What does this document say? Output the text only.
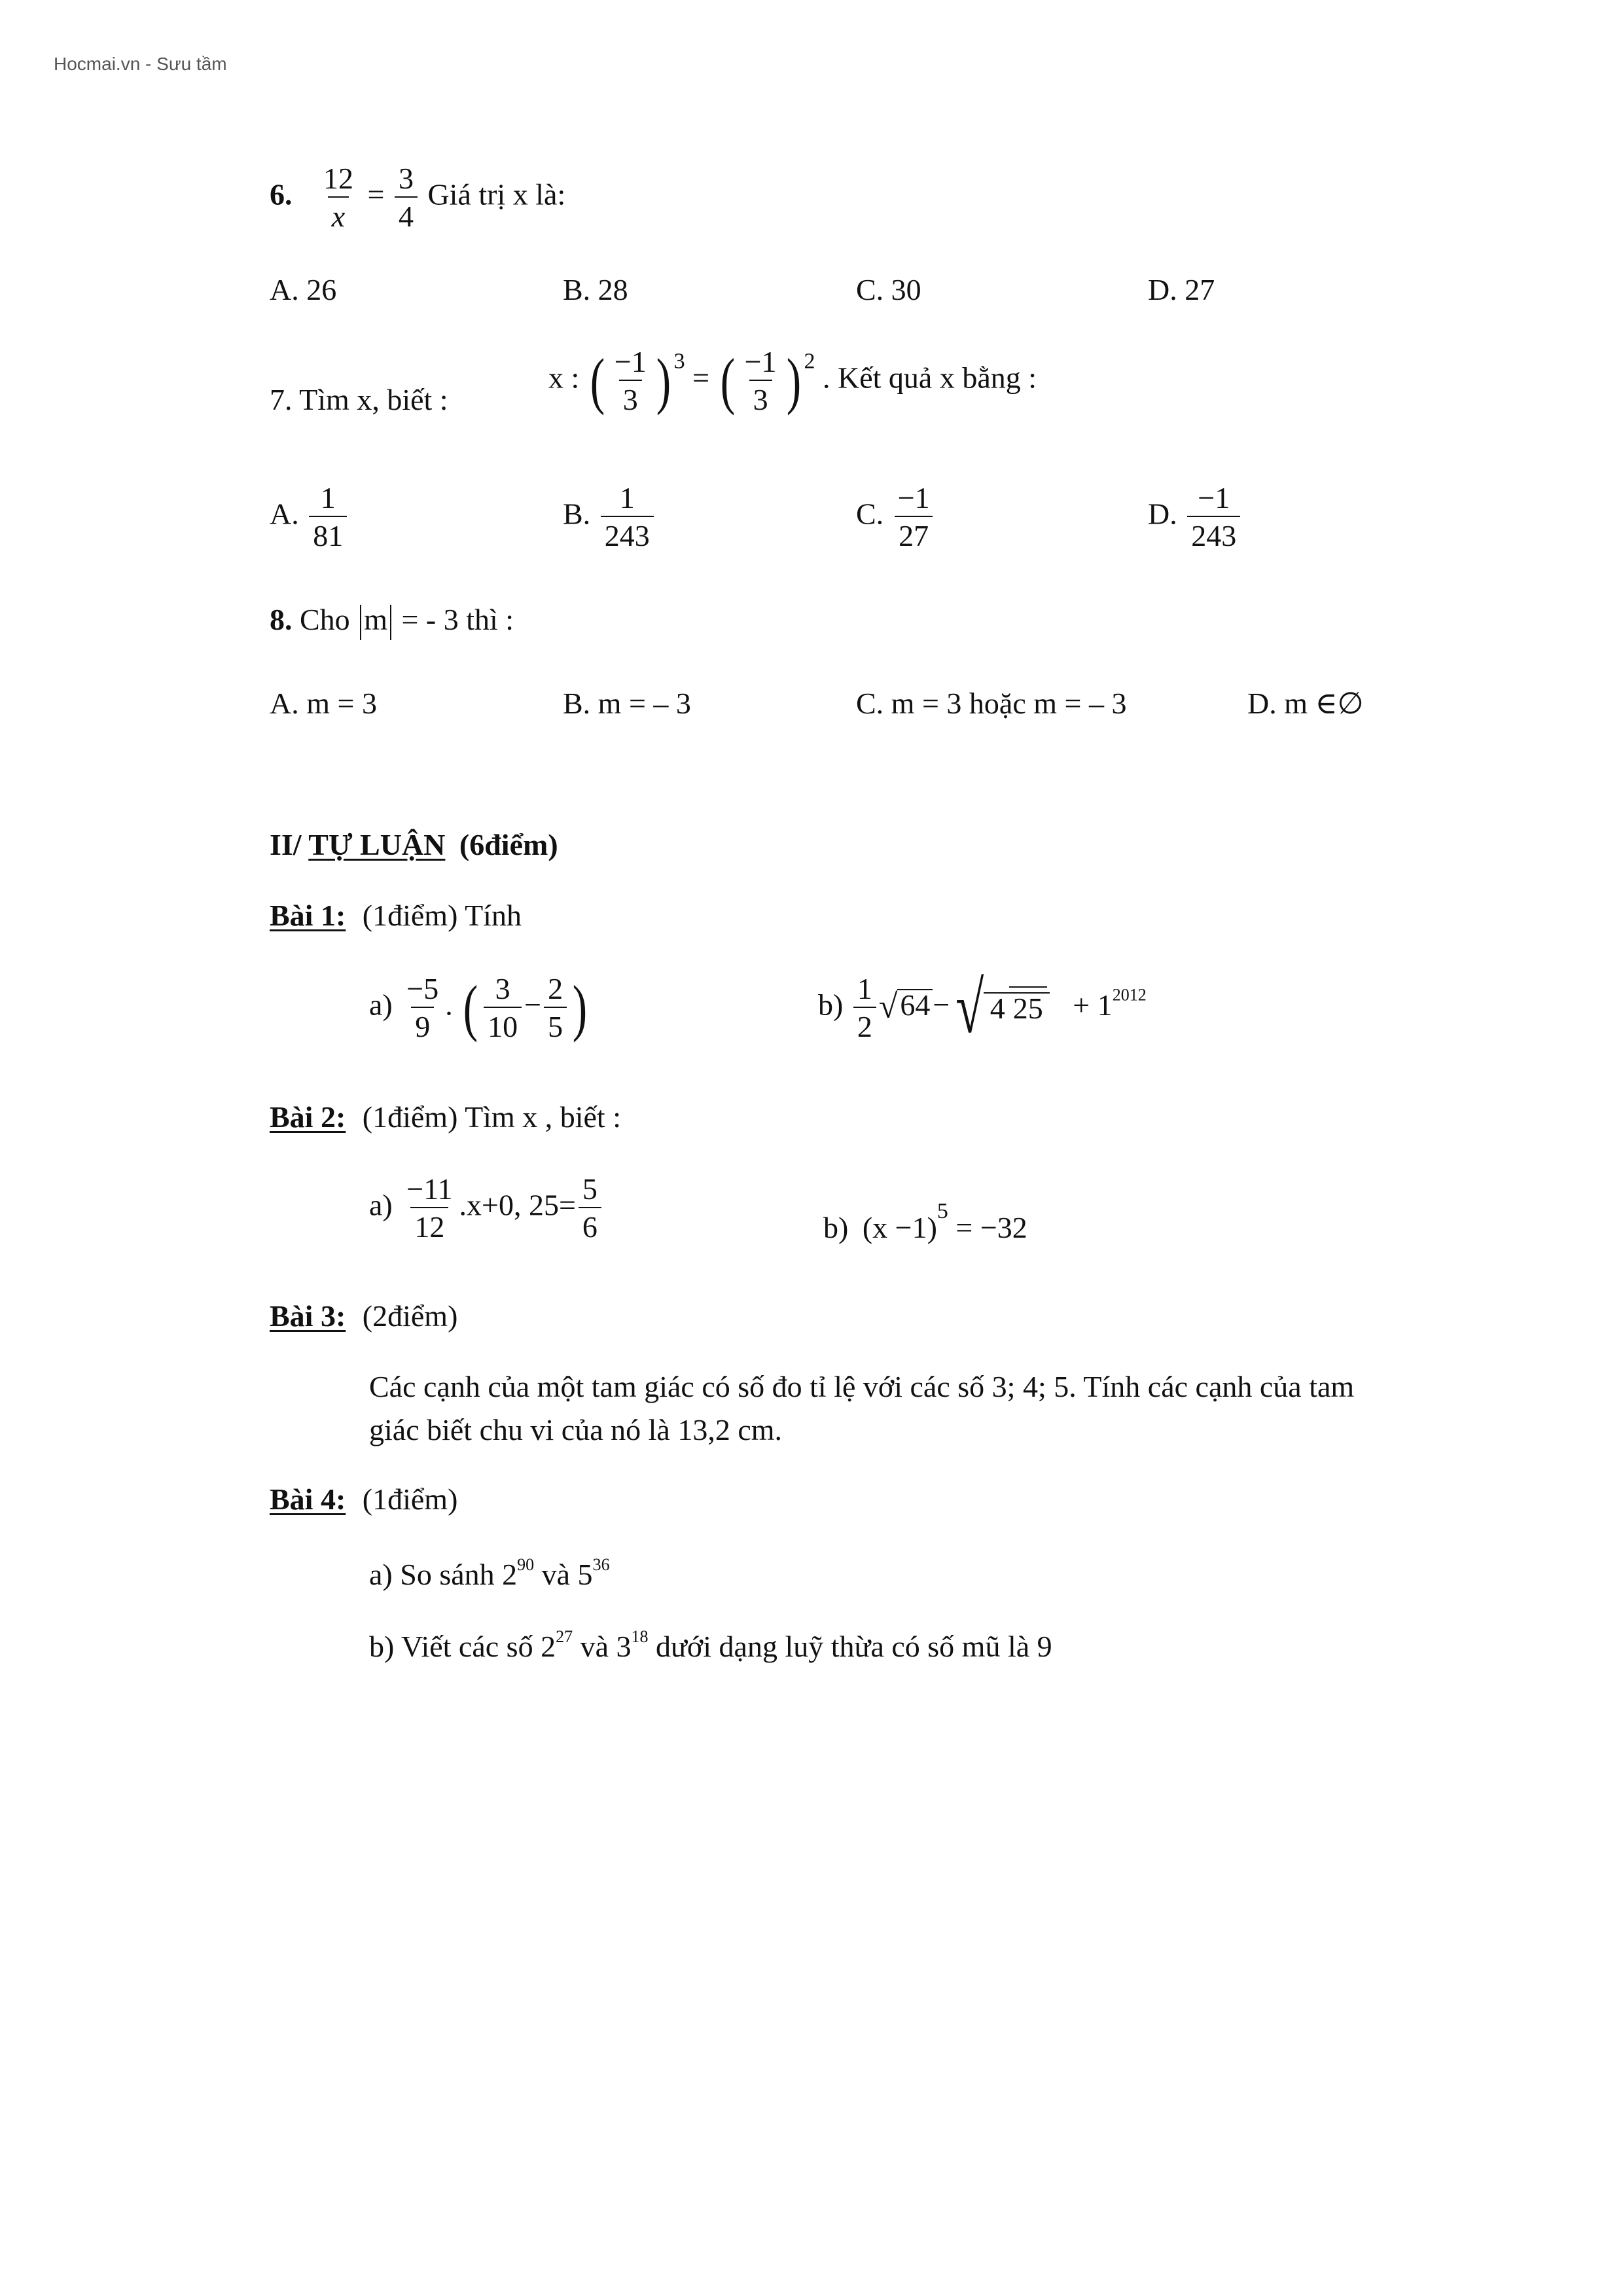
Hocmai.vn - Sưu tầm
6. $\frac{12}{x} = \frac{3}{4}$ Giá trị x là:
A. 26	B. 28	C. 30	D. 27
7. Tìm x, biết :
x : ( $\frac{-1}{3}$ ) $^3$ = ( $\frac{-1}{3}$ ) $^2$ . Kết quả x bằng :
A. $\frac{1}{81}$	B. $\frac{1}{243}$	C. $\frac{-1}{27}$	D. $\frac{-1}{243}$
8. Cho m = - 3 thì :
A. m = 3	B. m = – 3	C. m = 3 hoặc m = – 3	D. m ∈∅
II/ TỰ LUẬN (6điểm)
Bài 1: (1điểm) Tính
$a) \frac{-5}{9}$ . ( $\frac{3}{10} - \frac{2}{5}$ )	$b) \frac{1}{2} √64-√$ 4 $25 + 1^{2012}$
Bài 2: (1điểm) Tìm x , biết :
$a) \frac{-11}{12} .x+0$, $25= \frac{5}{6}$	b) $(x -1)^5 = -32$
Bài 3: (2điểm)
Các cạnh của một tam giác có số đo tỉ lệ với các số 3; 4; 5. Tính các cạnh của tam
giác biết chu vi của nó là 13,2 cm.
Bài 4: (1điểm)
a) So sánh $2^{90}$ và $5^{36}$
b) Viết các số $2^{27}$ và $3^{18}$ dưới dạng luỹ thừa có số mũ là 9
